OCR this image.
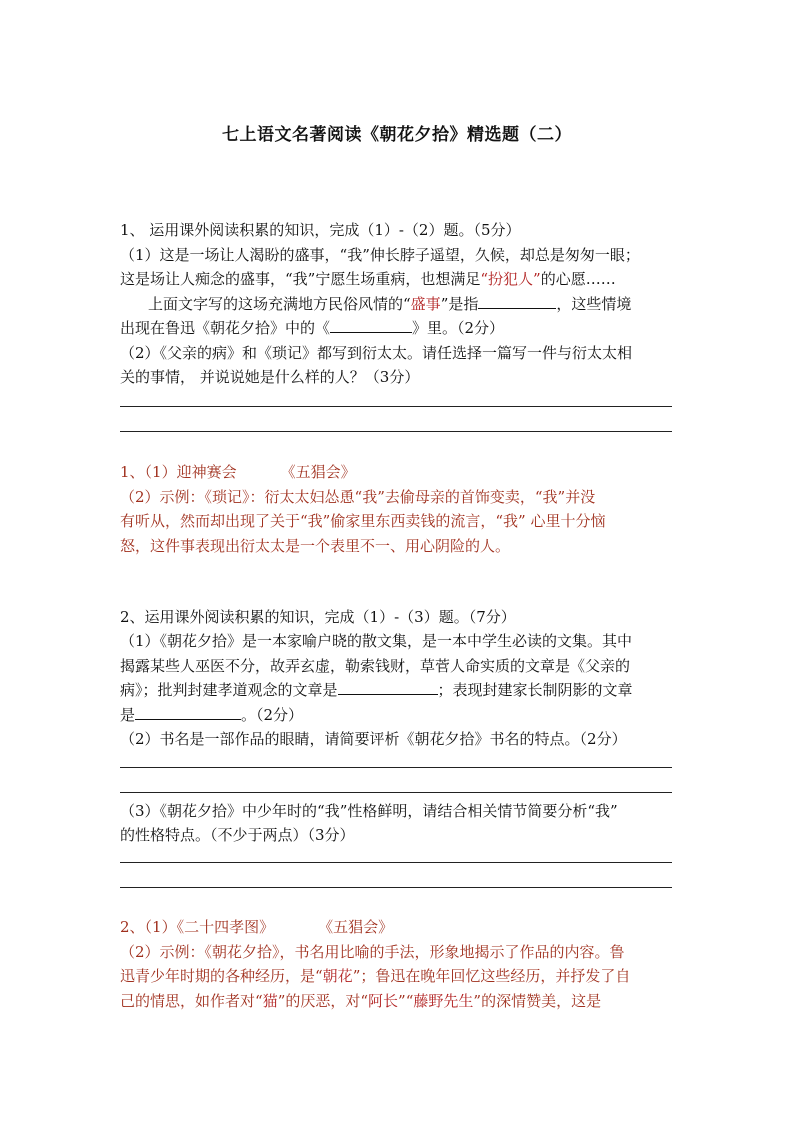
七上语文名著阅读《朝花夕拾》精选题（二）
1、 运用课外阅读积累的知识，完成（1）-（2）题。（5分）
（1）这是一场让人渴盼的盛事，“我”伸长脖子遥望，久候，却总是匆匆一眼；
这是场让人痴念的盛事，“我”宁愿生场重病，也想满足“扮犯人”的心愿……
上面文字写的这场充满地方民俗风情的“盛事”是指	，这些情境
出现在鲁迅《朝花夕拾》中的《	》里。（2分）
（2）《父亲的病》和《琐记》都写到衍太太。请任选择一篇写一件与衍太太相
关的事情， 并说说她是什么样的人？（3分）
1、（1）迎神赛会	《五猖会》
（2）示例：《琐记》：衍太太妇怂恿“我”去偷母亲的首饰变卖，“我”并没
有听从，然而却出现了关于“我”偷家里东西卖钱的流言，“我” 心里十分恼
怒，这件事表现出衍太太是一个表里不一、用心阴险的人。
2、运用课外阅读积累的知识，完成（1）-（3）题。（7分）
（1）《朝花夕拾》是一本家喻户晓的散文集，是一本中学生必读的文集。其中
揭露某些人巫医不分，故弄玄虚，勒索钱财，草菅人命实质的文章是《父亲的
病》；批判封建孝道观念的文章是	；表现封建家长制阴影的文章
是	。（2分）
（2）书名是一部作品的眼睛，请简要评析《朝花夕拾》书名的特点。（2分）
（3）《朝花夕拾》中少年时的“我”性格鲜明，请结合相关情节简要分析“我”
的性格特点。（不少于两点）（3分）
2、（1）《二十四孝图》	《五猖会》
（2）示例：《朝花夕拾》，书名用比喻的手法，形象地揭示了作品的内容。鲁
迅青少年时期的各种经历，是“朝花”；鲁迅在晚年回忆这些经历，并抒发了自
己的情思，如作者对“猫”的厌恶，对“阿长”“藤野先生”的深情赞美，这是
